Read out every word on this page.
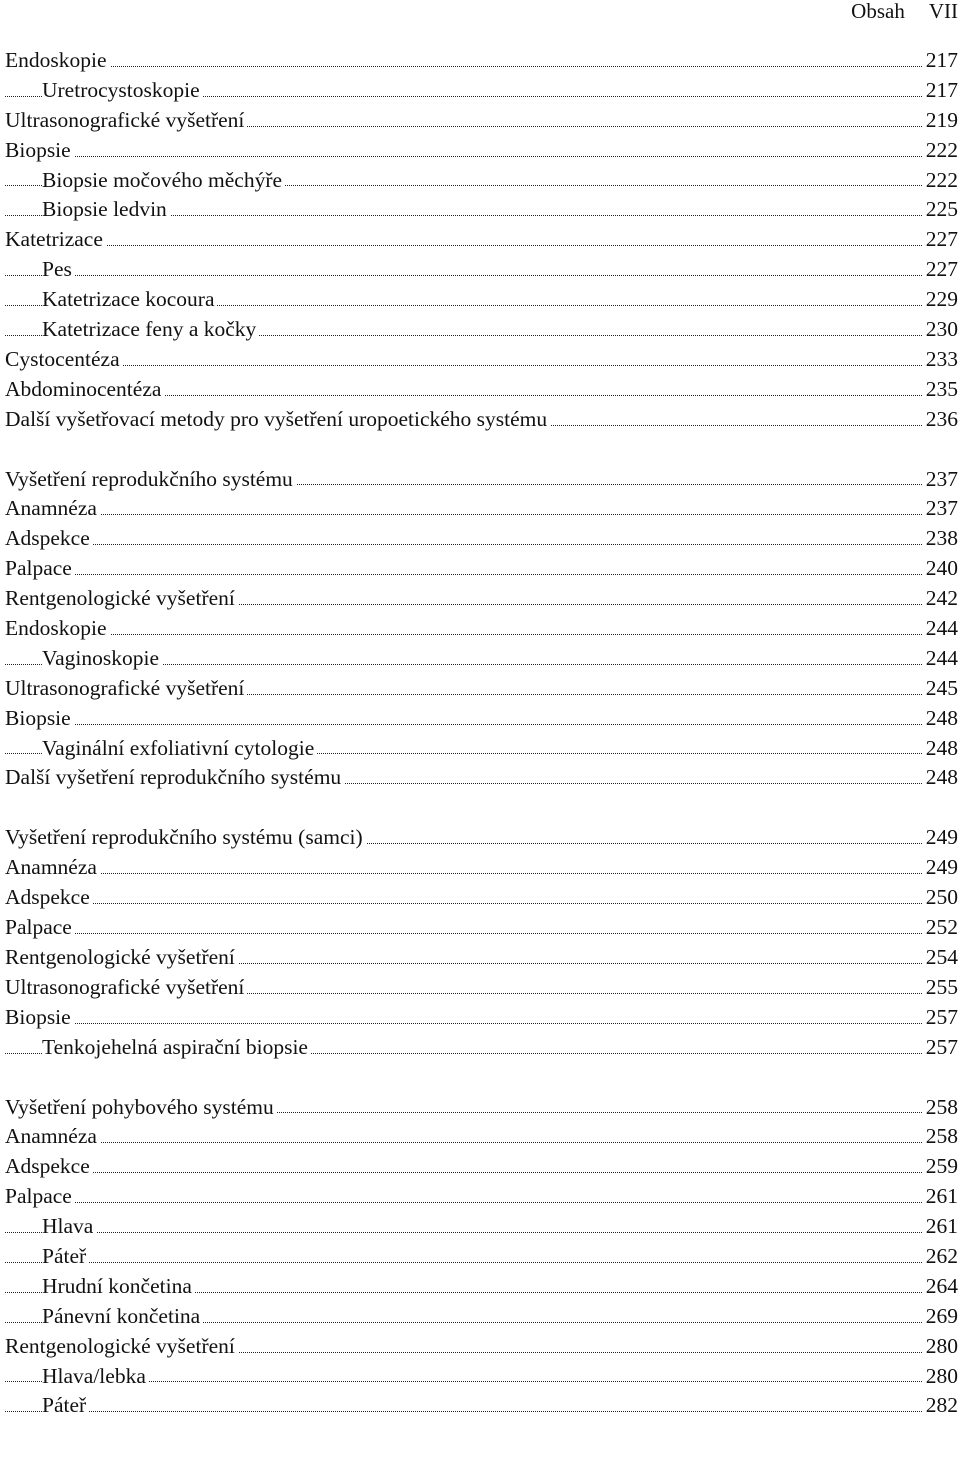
Obsah VII
Endoskopie	217
Uretrocystoskopie	217
Ultrasonografické vyšetření	219
Biopsie	222
Biopsie močového měchýře	222
Biopsie ledvin	225
Katetrizace	227
Pes	227
Katetrizace kocoura	229
Katetrizace feny a kočky	230
Cystocentéza	233
Abdominocentéza	235
Další vyšetřovací metody pro vyšetření uropoetického systému	236
Vyšetření reprodukčního systému	237
Anamnéza	237
Adspekce	238
Palpace	240
Rentgenologické vyšetření	242
Endoskopie	244
Vaginoskopie	244
Ultrasonografické vyšetření	245
Biopsie	248
Vaginální exfoliativní cytologie	248
Další vyšetření reprodukčního systému	248
Vyšetření reprodukčního systému (samci)	249
Anamnéza	249
Adspekce	250
Palpace	252
Rentgenologické vyšetření	254
Ultrasonografické vyšetření	255
Biopsie	257
Tenkojehelná aspirační biopsie	257
Vyšetření pohybového systému	258
Anamnéza	258
Adspekce	259
Palpace	261
Hlava	261
Páteř	262
Hrudní končetina	264
Pánevní končetina	269
Rentgenologické vyšetření	280
Hlava/lebka	280
Páteř	282
